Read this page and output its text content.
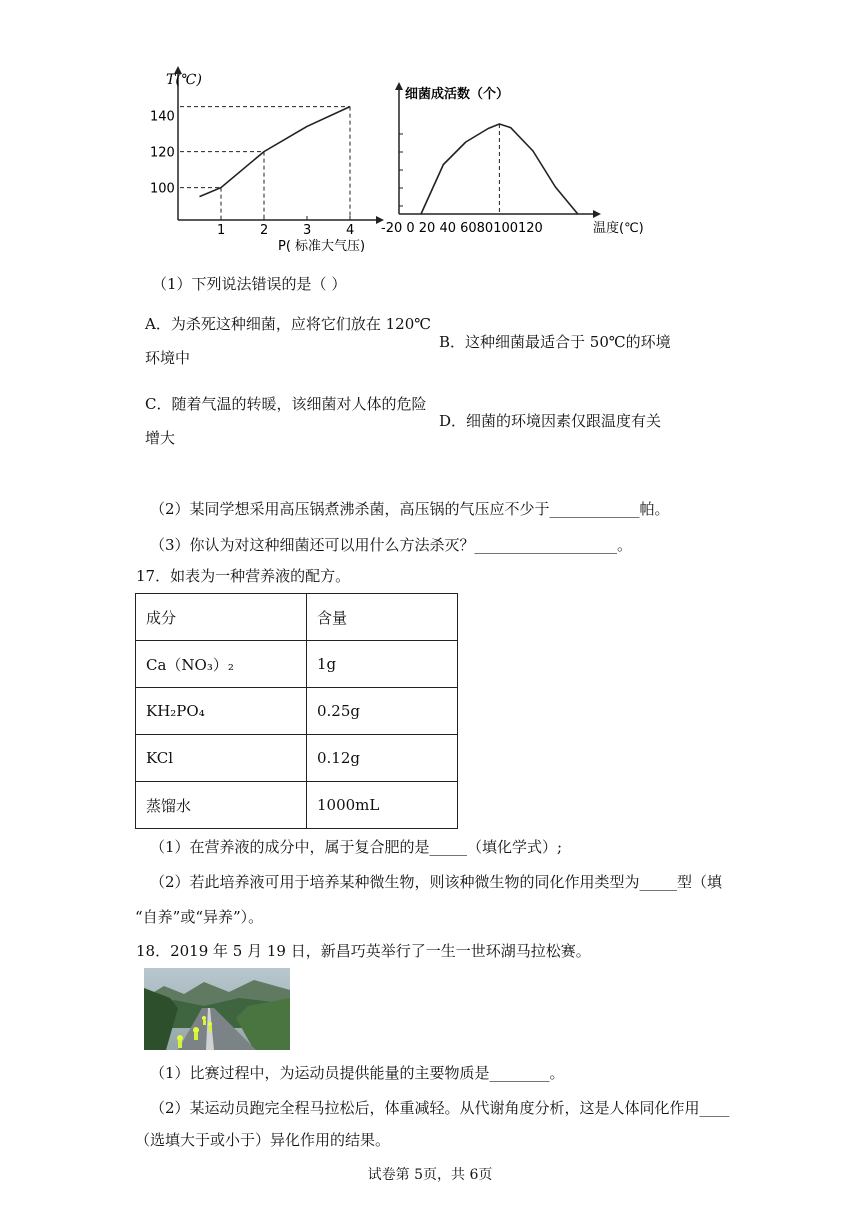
T(℃)
P( 标准大气压)
1	2	3	4
100
120
140
细菌成活数（个）
-20 0 20 40 6080100120	温度(℃)
（1）下列说法错误的是（ ）
A．为杀死这种细菌，应将它们放在 120℃
环境中
B．这种细菌最适合于 50℃的环境
C．随着气温的转暖，该细菌对人体的危险
增大
D．细菌的环境因素仅跟温度有关
（2）某同学想采用高压锅煮沸杀菌，高压锅的气压应不少于____________帕。
（3）你认为对这种细菌还可以用什么方法杀灭？___________________。
17．如表为一种营养液的配方。
成分	含量
Ca（NO₃）₂	1g
KH₂PO₄	0.25g
KCl	0.12g
蒸馏水	1000mL
（1）在营养液的成分中，属于复合肥的是_____（填化学式）;
（2）若此培养液可用于培养某种微生物，则该种微生物的同化作用类型为_____型（填
“自养”或“异养”）。
18．2019 年 5 月 19 日，新昌巧英举行了一生一世环湖马拉松赛。
（1）比赛过程中，为运动员提供能量的主要物质是________。
（2）某运动员跑完全程马拉松后，体重减轻。从代谢角度分析，这是人体同化作用____
（选填大于或小于）异化作用的结果。
试卷第 5页，共 6页
